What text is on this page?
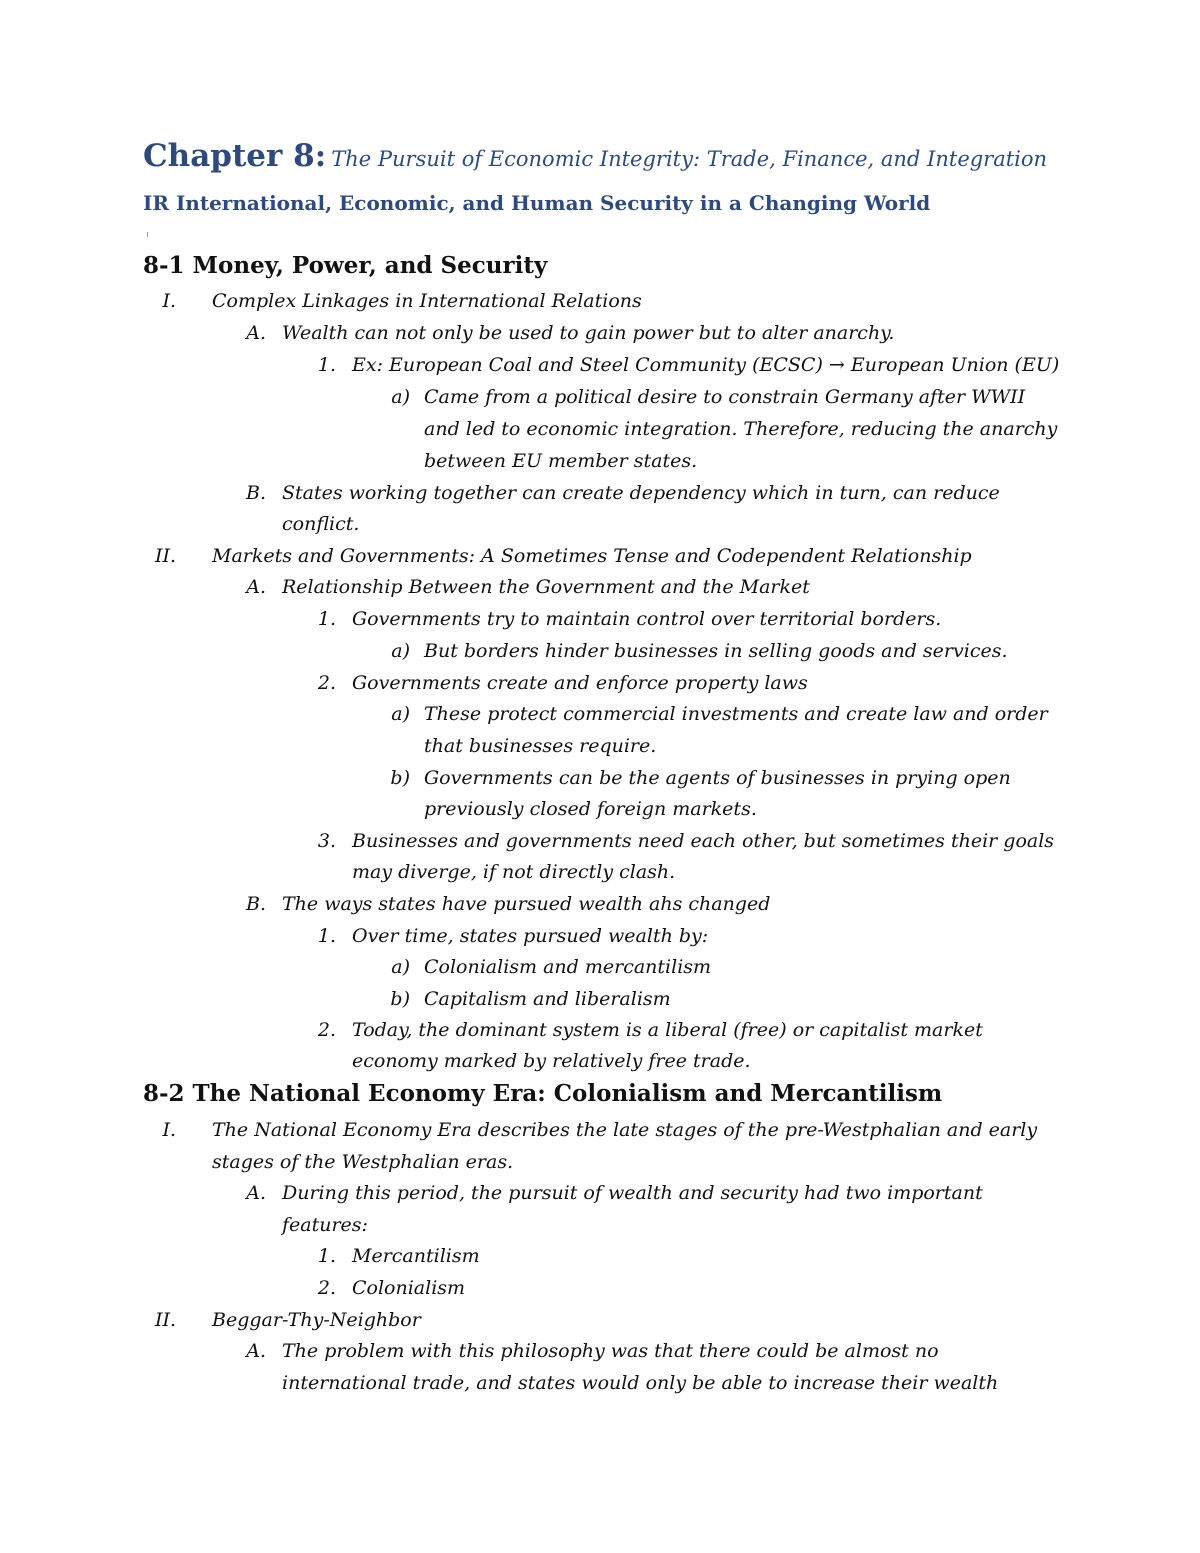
Chapter 8: The Pursuit of Economic Integrity: Trade, Finance, and Integration
IR International, Economic, and Human Security in a Changing World
8-1 Money, Power, and Security
I. Complex Linkages in International Relations
A. Wealth can not only be used to gain power but to alter anarchy.
1. Ex: European Coal and Steel Community (ECSC) → European Union (EU)
a) Came from a political desire to constrain Germany after WWII
and led to economic integration. Therefore, reducing the anarchy
between EU member states.
B. States working together can create dependency which in turn, can reduce
conflict.
II. Markets and Governments: A Sometimes Tense and Codependent Relationship
A. Relationship Between the Government and the Market
1. Governments try to maintain control over territorial borders.
a) But borders hinder businesses in selling goods and services.
2. Governments create and enforce property laws
a) These protect commercial investments and create law and order
that businesses require.
b) Governments can be the agents of businesses in prying open
previously closed foreign markets.
3. Businesses and governments need each other, but sometimes their goals
may diverge, if not directly clash.
B. The ways states have pursued wealth ahs changed
1. Over time, states pursued wealth by:
a) Colonialism and mercantilism
b) Capitalism and liberalism
2. Today, the dominant system is a liberal (free) or capitalist market
economy marked by relatively free trade.
8-2 The National Economy Era: Colonialism and Mercantilism
I. The National Economy Era describes the late stages of the pre-Westphalian and early
stages of the Westphalian eras.
A. During this period, the pursuit of wealth and security had two important
features:
1. Mercantilism
2. Colonialism
II. Beggar-Thy-Neighbor
A. The problem with this philosophy was that there could be almost no
international trade, and states would only be able to increase their wealth
